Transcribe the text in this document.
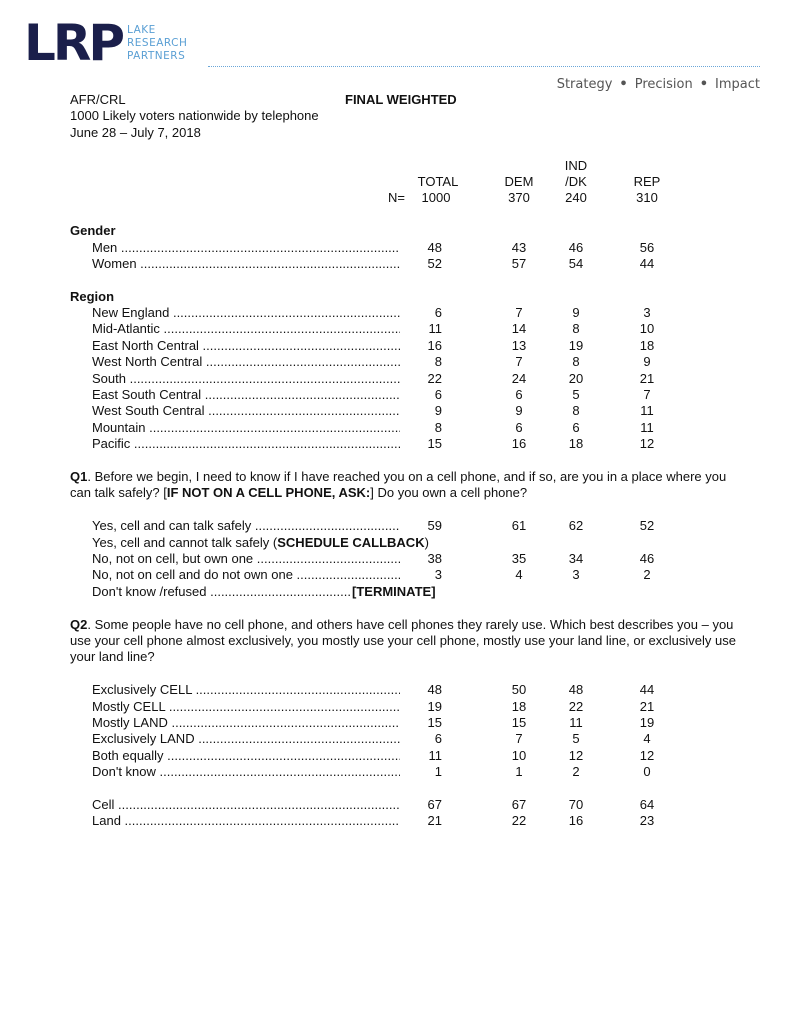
LRP LAKE
RESEARCH
PARTNERS
Strategy • Precision • Impact
AFR/CRL	FINAL WEIGHTED
1000 Likely voters nationwide by telephone
June 28 – July 7, 2018
IND
TOTAL	DEM	/DK	REP
N=	1000	370	240	310
Gender
Men .....	48	43	46	56
Women .....	52	57	54	44
Region
New England .....	6	7	9	3
Mid-Atlantic .....	11	14	8	10
East North Central .....	16	13	19	18
West North Central .....	8	7	8	9
South .....	22	24	20	21
East South Central .....	6	6	5	7
West South Central .....	9	9	8	11
Mountain .....	8	6	6	11
Pacific .....	15	16	18	12
Q1. Before we begin, I need to know if I have reached you on a cell phone, and if so, are you in a place where you can talk safely? [IF NOT ON A CELL PHONE, ASK:] Do you own a cell phone?
Yes, cell and can talk safely .....	59	61	62	52
Yes, cell and cannot talk safely (SCHEDULE CALLBACK)
No, not on cell, but own one .....	38	35	34	46
No, not on cell and do not own one .....	3	4	3	2
Don't know /refused .....	[TERMINATE]
Q2. Some people have no cell phone, and others have cell phones they rarely use. Which best describes you – you use your cell phone almost exclusively, you mostly use your cell phone, mostly use your land line, or exclusively use your land line?
Exclusively CELL .....	48	50	48	44
Mostly CELL .....	19	18	22	21
Mostly LAND .....	15	15	11	19
Exclusively LAND .....	6	7	5	4
Both equally .....	11	10	12	12
Don't know .....	1	1	2	0
Cell .....	67	67	70	64
Land .....	21	22	16	23
